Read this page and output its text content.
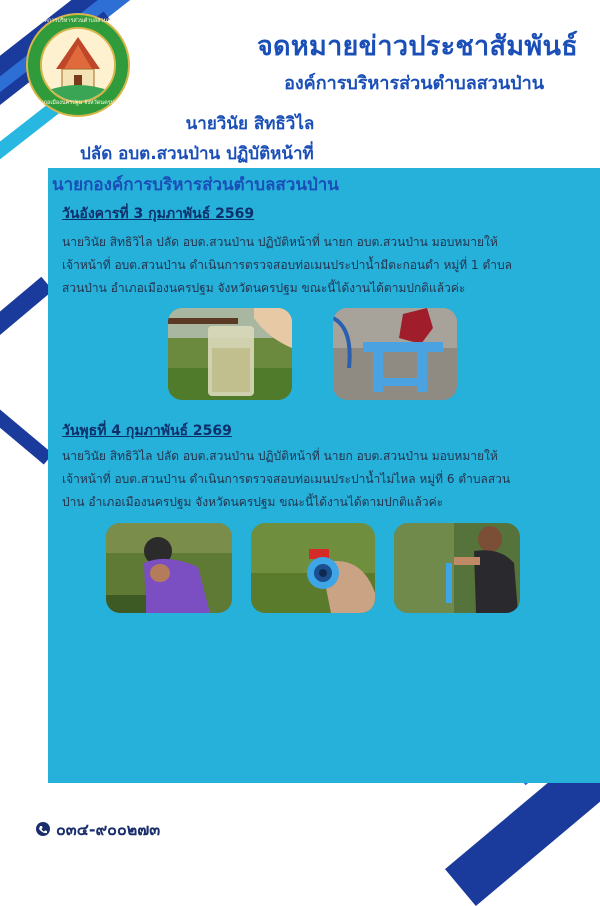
องค์การบริหารส่วนตำบลสวนป่าน
อำเภอเมืองนครปฐม จังหวัดนครปฐม
จดหมายข่าวประชาสัมพันธ์
องค์การบริหารส่วนตำบลสวนป่าน
นายวินัย สิทธิวิไล
ปลัด อบต.สวนป่าน ปฏิบัติหน้าที่
นายกองค์การบริหารส่วนตำบลสวนป่าน
วันอังคารที่ 3 กุมภาพันธ์ 2569
นายวินัย สิทธิวิไล ปลัด อบต.สวนป่าน ปฏิบัติหน้าที่ นายก อบต.สวนป่าน มอบหมายให้
เจ้าหน้าที่ อบต.สวนป่าน ดำเนินการตรวจสอบท่อเมนประปาน้ำมีตะกอนดำ หมู่ที่ 1 ตำบล
สวนป่าน อำเภอเมืองนครปฐม จังหวัดนครปฐม ขณะนี้ได้งานได้ตามปกติแล้วค่ะ
วันพุธที่ 4 กุมภาพันธ์ 2569
นายวินัย สิทธิวิไล ปลัด อบต.สวนป่าน ปฏิบัติหน้าที่ นายก อบต.สวนป่าน มอบหมายให้
เจ้าหน้าที่ อบต.สวนป่าน ดำเนินการตรวจสอบท่อเมนประปาน้ำไม่ไหล หมู่ที่ 6 ตำบลสวน
ป่าน อำเภอเมืองนครปฐม จังหวัดนครปฐม ขณะนี้ได้งานได้ตามปกติแล้วค่ะ
๐๓๔-๙๐๐๒๗๓
